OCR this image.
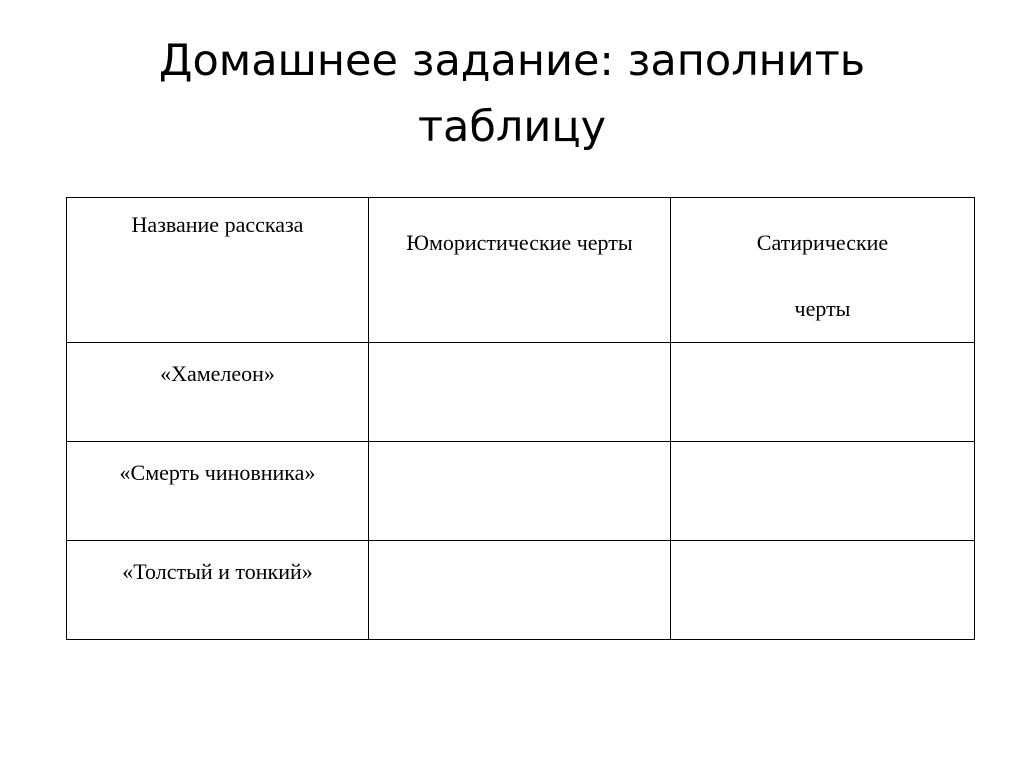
Домашнее задание: заполнить таблицу
Название рассказа	Юмористические черты	Сатирические черты

«Хамелеон»		
«Смерть чиновника»		
«Толстый и тонкий»		
